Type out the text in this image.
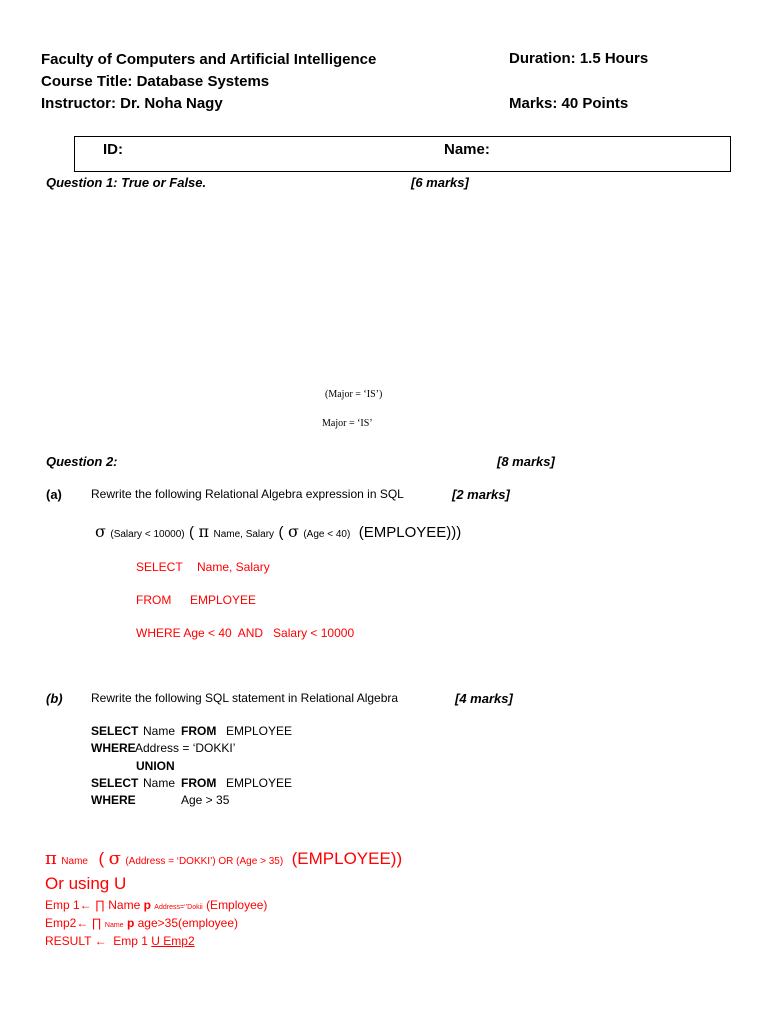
Faculty of Computers and Artificial Intelligence
Course Title: Database Systems
Instructor: Dr. Noha Nagy
Duration: 1.5 Hours
Marks: 40 Points
ID:	Name:
Question 1: True or False.	[6 marks]
(Major = ‘IS’)
Major = ‘IS’
Question 2:	[8 marks]
(a) Rewrite the following Relational Algebra expression in SQL	[2 marks]
σ (Salary < 10000) ( π Name, Salary ( σ (Age < 40) (EMPLOYEE)))
SELECT Name, Salary
FROM EMPLOYEE
WHERE Age < 40  AND   Salary < 10000
(b) Rewrite the following SQL statement in Relational Algebra	[4 marks]
SELECT Name FROM EMPLOYEE
WHERE Address = ‘DOKKI’
UNION
SELECT Name FROM EMPLOYEE
WHERE	Age > 35
π Name ( σ (Address = ‘DOKKI’) OR (Age > 35) (EMPLOYEE))
Or using U
Emp 1← ∏ Name p Address=‘’Dokii (Employee)
Emp2← ∏ Name p age>35(employee)
RESULT ←  Emp 1 U Emp2
